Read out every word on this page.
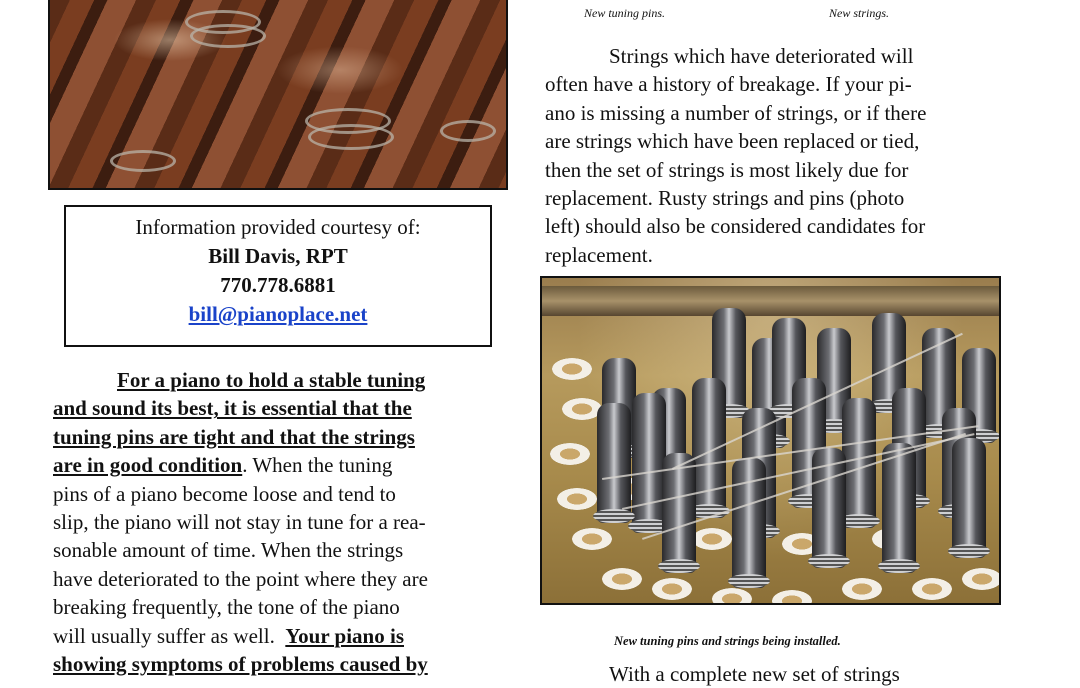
New tuning pins.	New strings.
Information provided courtesy of:
Bill Davis, RPT
770.778.6881
bill@pianoplace.net
For a piano to hold a stable tuning
and sound its best, it is essential that the
tuning pins are tight and that the strings
are in good condition. When the tuning
pins of a piano become loose and tend to
slip, the piano will not stay in tune for a rea-
sonable amount of time. When the strings
have deteriorated to the point where they are
breaking frequently, the tone of the piano
will usually suffer as well.  Your piano is
showing symptoms of problems caused by
Strings which have deteriorated will
often have a history of breakage. If your pi-
ano is missing a number of strings, or if there
are strings which have been replaced or tied,
then the set of strings is most likely due for
replacement. Rusty strings and pins (photo
left) should also be considered candidates for
replacement.
New tuning pins and strings being installed.
With a complete new set of strings
